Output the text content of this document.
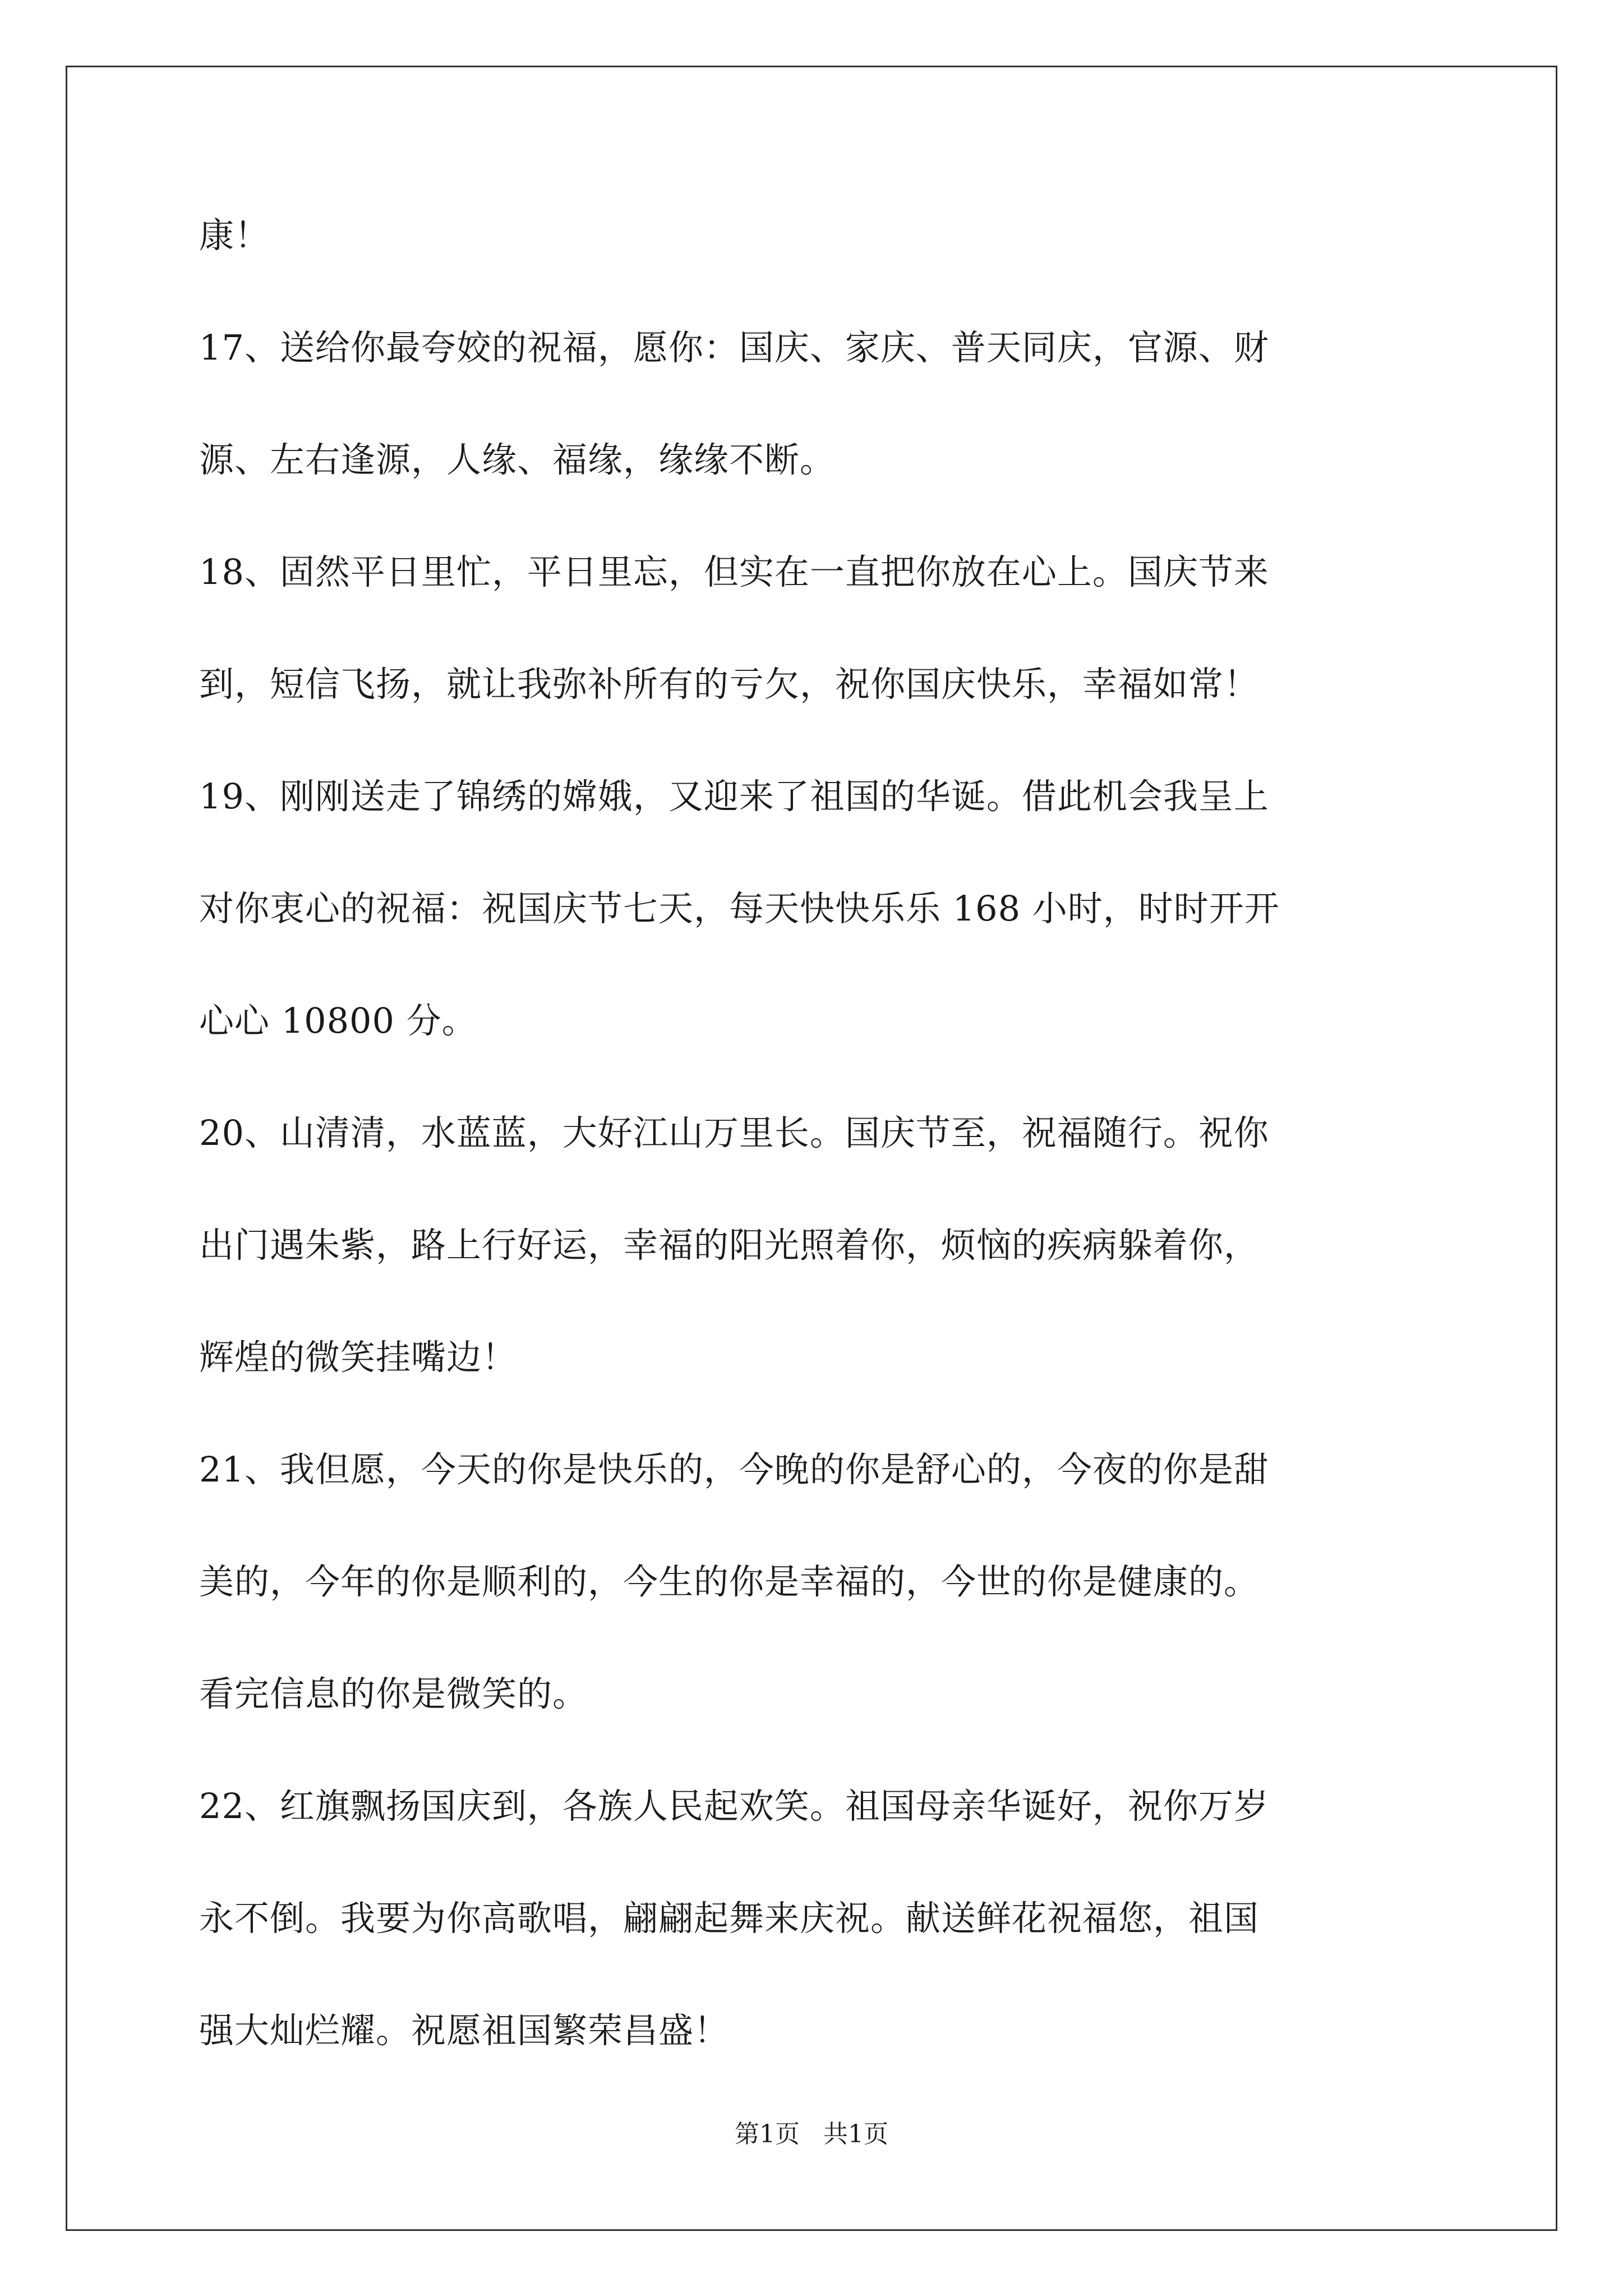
康！
17、送给你最夸姣的祝福，愿你：国庆、家庆、普天同庆，官源、财
源、左右逢源，人缘、福缘，缘缘不断。
18、固然平日里忙，平日里忘，但实在一直把你放在心上。国庆节来
到，短信飞扬，就让我弥补所有的亏欠，祝你国庆快乐，幸福如常！
19、刚刚送走了锦绣的嫦娥，又迎来了祖国的华诞。借此机会我呈上
对你衷心的祝福：祝国庆节七天，每天快快乐乐 168 小时，时时开开
心心 10800 分。
20、山清清，水蓝蓝，大好江山万里长。国庆节至，祝福随行。祝你
出门遇朱紫，路上行好运，幸福的阳光照着你，烦恼的疾病躲着你，
辉煌的微笑挂嘴边！
21、我但愿，今天的你是快乐的，今晚的你是舒心的，今夜的你是甜
美的，今年的你是顺利的，今生的你是幸福的，今世的你是健康的。
看完信息的你是微笑的。
22、红旗飘扬国庆到，各族人民起欢笑。祖国母亲华诞好，祝你万岁
永不倒。我要为你高歌唱，翩翩起舞来庆祝。献送鲜花祝福您，祖国
强大灿烂耀。祝愿祖国繁荣昌盛！
第1页   共1页
